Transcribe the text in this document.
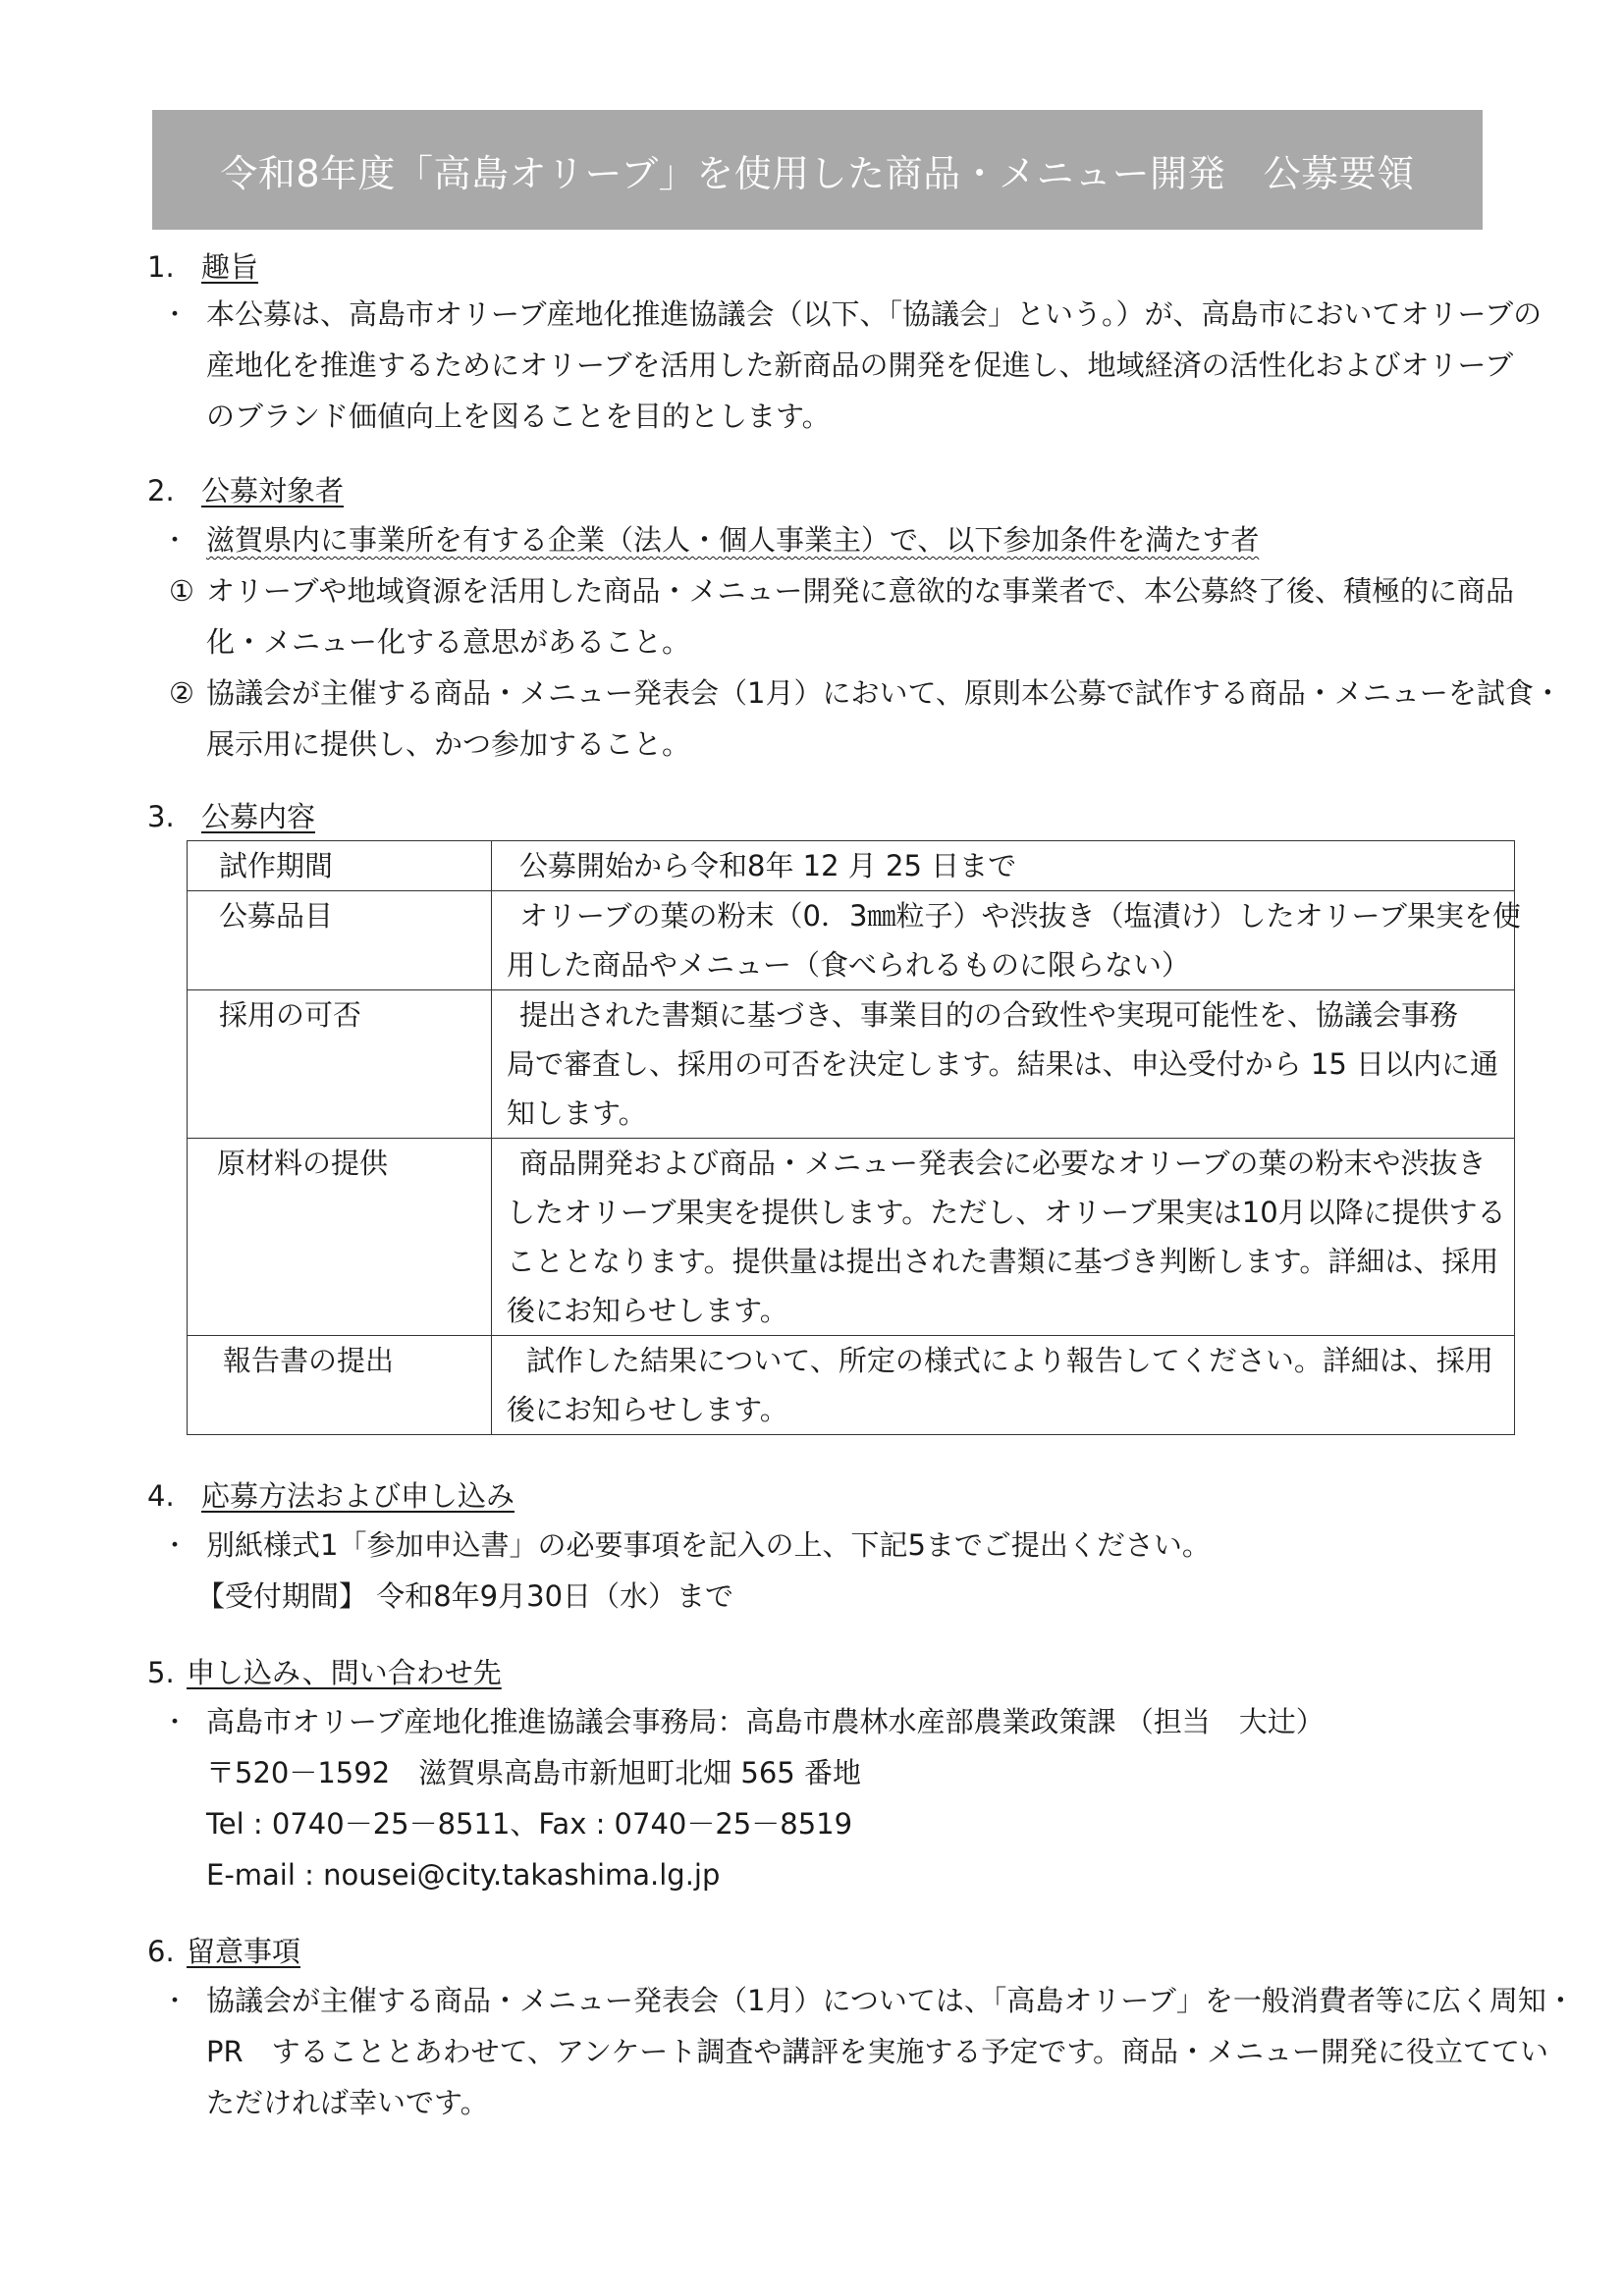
令和8年度「高島オリーブ」を使用した商品・メニュー開発　公募要領
1. 趣旨
・ 本公募は、高島市オリーブ産地化推進協議会（以下、「協議会」という。）が、高島市においてオリーブの
産地化を推進するためにオリーブを活用した新商品の開発を促進し、地域経済の活性化およびオリーブ
のブランド価値向上を図ることを目的とします。
2. 公募対象者
・ 滋賀県内に事業所を有する企業（法人・個人事業主）で、以下参加条件を満たす者
① オリーブや地域資源を活用した商品・メニュー開発に意欲的な事業者で、本公募終了後、積極的に商品
化・メニュー化する意思があること。
② 協議会が主催する商品・メニュー発表会（1月）において、原則本公募で試作する商品・メニューを試食・
展示用に提供し、かつ参加すること。
3. 公募内容
試作期間	公募開始から令和8年 12 月 25 日まで

公募品目	オリーブの葉の粉末（0．3㎜粒子）や渋抜き（塩漬け）したオリーブ果実を使
用した商品やメニュー（食べられるものに限らない）

採用の可否	提出された書類に基づき、事業目的の合致性や実現可能性を、協議会事務
局で審査し、採用の可否を決定します。結果は、申込受付から 15 日以内に通
知します。

原材料の提供	商品開発および商品・メニュー発表会に必要なオリーブの葉の粉末や渋抜き
したオリーブ果実を提供します。ただし、オリーブ果実は10月以降に提供する
こととなります。提供量は提出された書類に基づき判断します。詳細は、採用
後にお知らせします。

報告書の提出	試作した結果について、所定の様式により報告してください。詳細は、採用
後にお知らせします。
4. 応募方法および申し込み
・ 別紙様式1「参加申込書」の必要事項を記入の上、下記5までご提出ください。
【受付期間】 令和8年9月30日（水）まで
5. 申し込み、問い合わせ先
・ 高島市オリーブ産地化推進協議会事務局：高島市農林水産部農業政策課 （担当　大辻）
〒520－1592　滋賀県高島市新旭町北畑 565 番地
Tel : 0740－25－8511、Fax : 0740－25－8519
E-mail : nousei@city.takashima.lg.jp
6. 留意事項
・ 協議会が主催する商品・メニュー発表会（1月）については、「高島オリーブ」を一般消費者等に広く周知・
PR　することとあわせて、アンケート調査や講評を実施する予定です。商品・メニュー開発に役立ててい
ただければ幸いです。
